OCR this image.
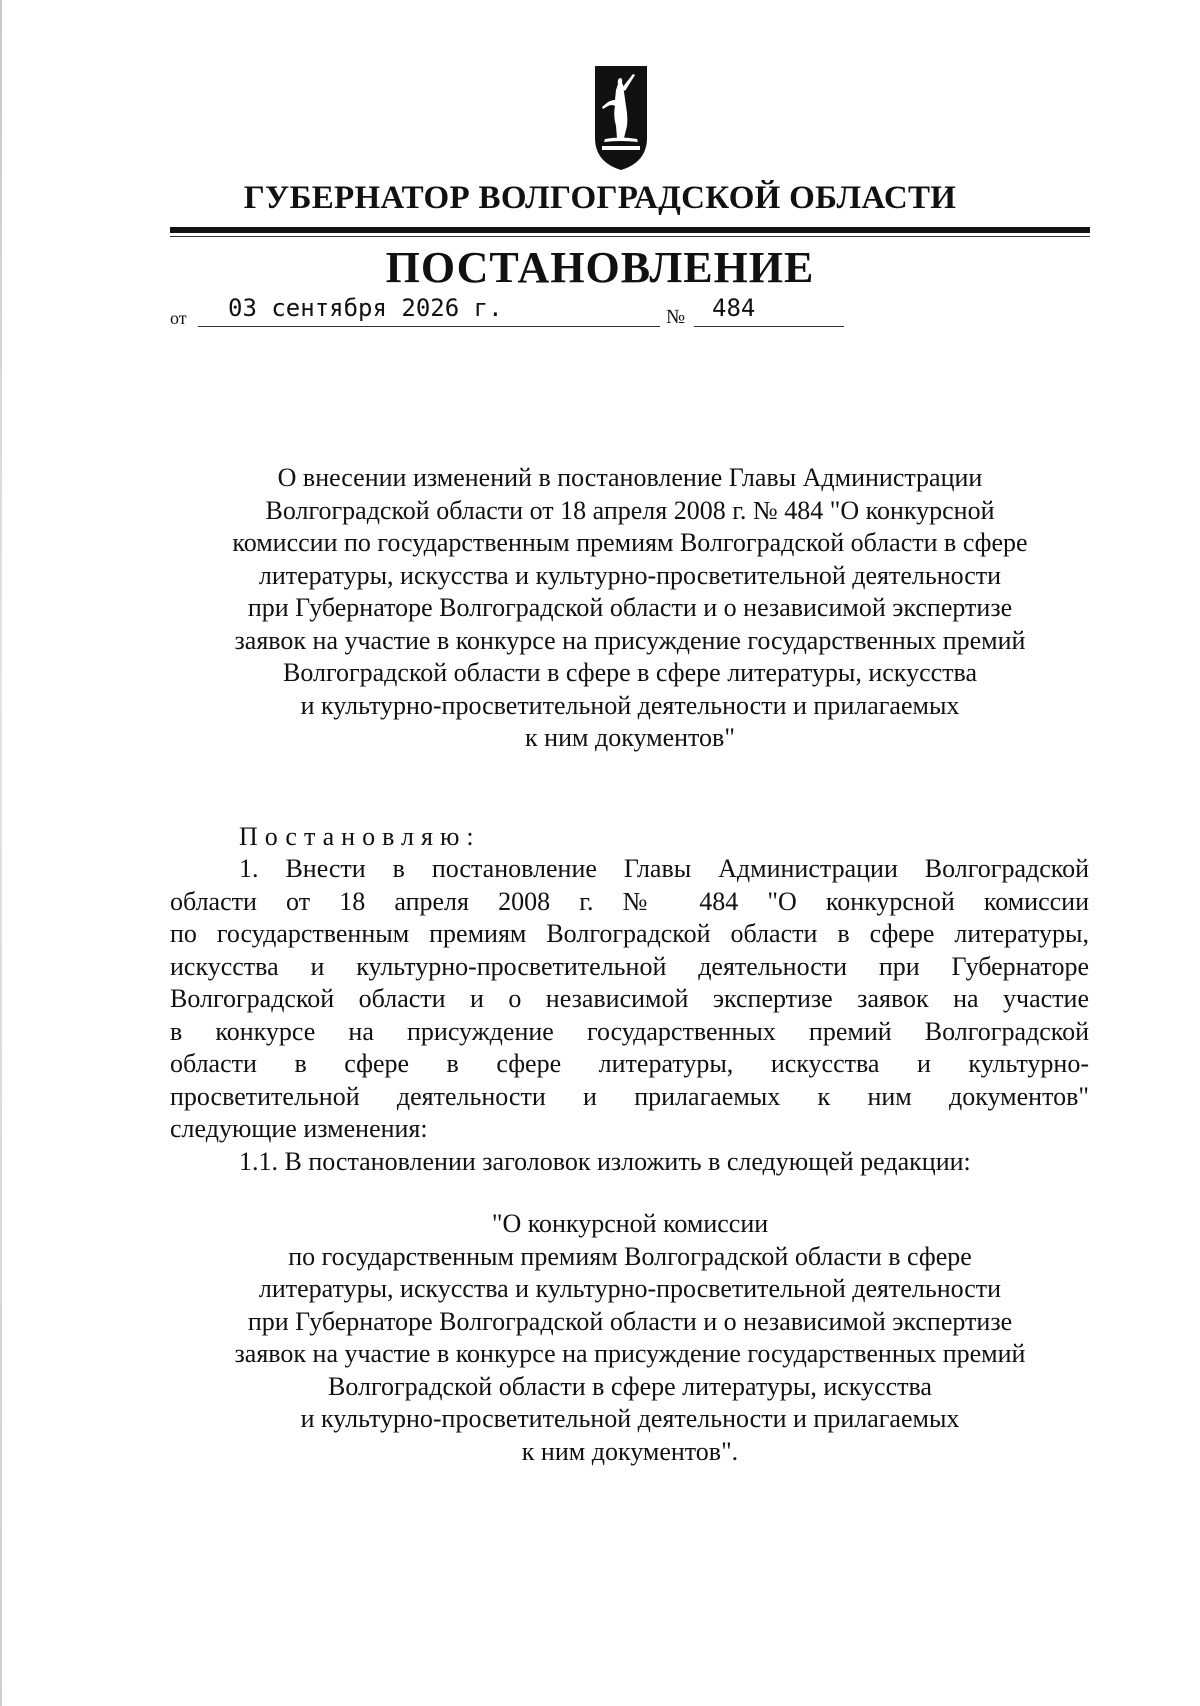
ГУБЕРНАТОР ВОЛГОГРАДСКОЙ ОБЛАСТИ
ПОСТАНОВЛЕНИЕ
от 03 сентября 2026 г.	№ 484
О внесении изменений в постановление Главы Администрации
Волгоградской области от 18 апреля 2008 г. № 484 "О конкурсной
комиссии по государственным премиям Волгоградской области в сфере
литературы, искусства и культурно-просветительной деятельности
при Губернаторе Волгоградской области и о независимой экспертизе
заявок на участие в конкурсе на присуждение государственных премий
Волгоградской области в сфере в сфере литературы, искусства
и культурно-просветительной деятельности и прилагаемых
к ним документов"
Постановляю:
1. Внести в постановление Главы Администрации Волгоградской
области от 18 апреля 2008 г. № 484 "О конкурсной комиссии
по государственным премиям Волгоградской области в сфере литературы,
искусства и культурно-просветительной деятельности при Губернаторе
Волгоградской области и о независимой экспертизе заявок на участие
в конкурсе на присуждение государственных премий Волгоградской
области в сфере в сфере литературы, искусства и культурно-
просветительной деятельности и прилагаемых к ним документов"
следующие изменения:
1.1. В постановлении заголовок изложить в следующей редакции:
"О конкурсной комиссии
по государственным премиям Волгоградской области в сфере
литературы, искусства и культурно-просветительной деятельности
при Губернаторе Волгоградской области и о независимой экспертизе
заявок на участие в конкурсе на присуждение государственных премий
Волгоградской области в сфере литературы, искусства
и культурно-просветительной деятельности и прилагаемых
к ним документов".
